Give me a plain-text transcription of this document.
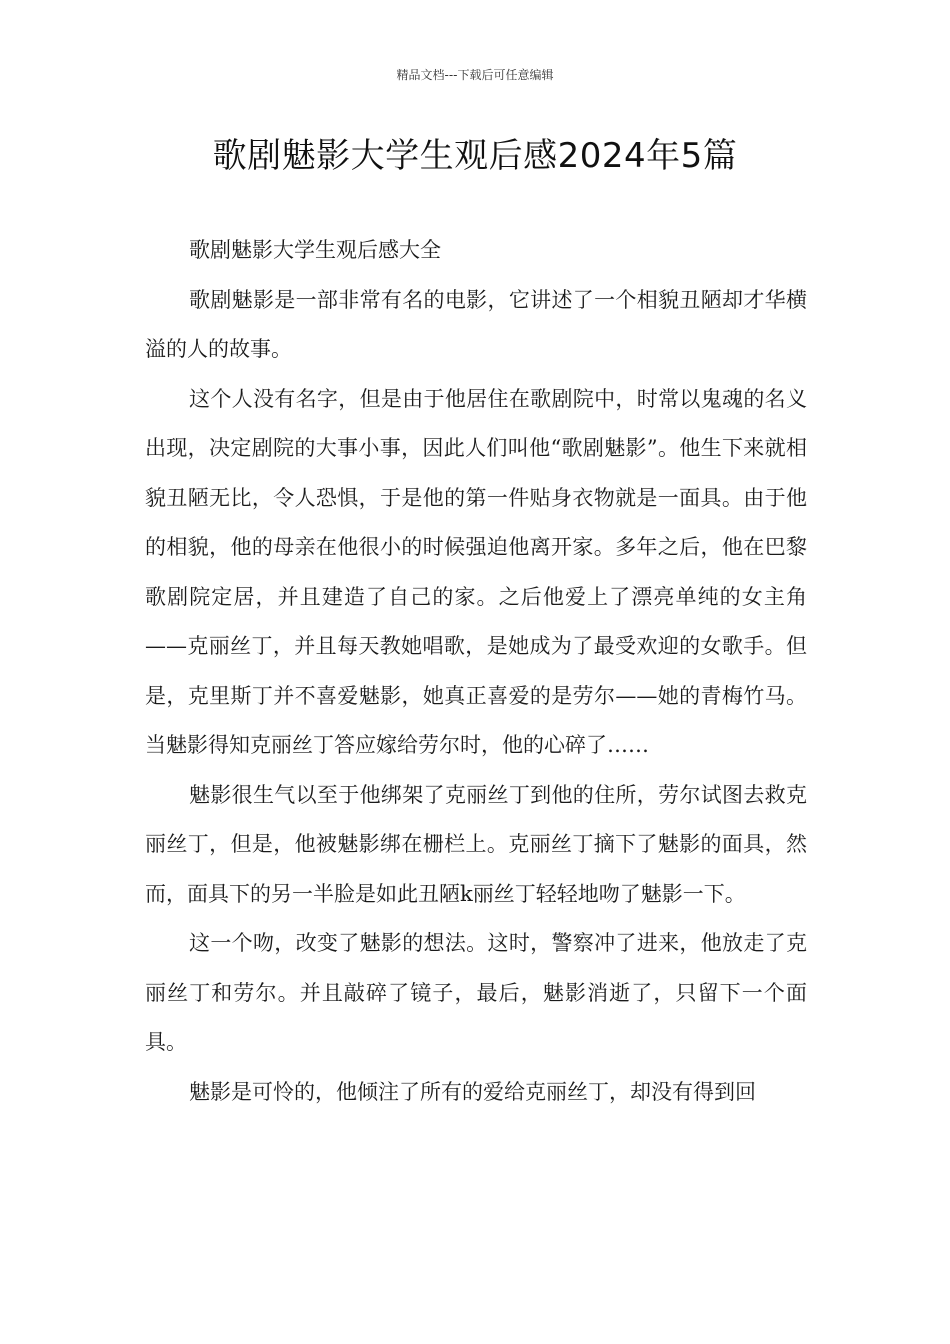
精品文档---下载后可任意编辑
歌剧魅影大学生观后感2024年5篇

歌剧魅影大学生观后感大全

歌剧魅影是一部非常有名的电影，它讲述了一个相貌丑陋却才华横溢的人的故事。

这个人没有名字，但是由于他居住在歌剧院中，时常以鬼魂的名义出现，决定剧院的大事小事，因此人们叫他“歌剧魅影”。他生下来就相貌丑陋无比，令人恐惧，于是他的第一件贴身衣物就是一面具。由于他的相貌，他的母亲在他很小的时候强迫他离开家。多年之后，他在巴黎歌剧院定居，并且建造了自己的家。之后他爱上了漂亮单纯的女主角——克丽丝丁，并且每天教她唱歌，是她成为了最受欢迎的女歌手。但是，克里斯丁并不喜爱魅影，她真正喜爱的是劳尔——她的青梅竹马。当魅影得知克丽丝丁答应嫁给劳尔时，他的心碎了……

魅影很生气以至于他绑架了克丽丝丁到他的住所，劳尔试图去救克丽丝丁，但是，他被魅影绑在栅栏上。克丽丝丁摘下了魅影的面具，然而，面具下的另一半脸是如此丑陋k丽丝丁轻轻地吻了魅影一下。

这一个吻，改变了魅影的想法。这时，警察冲了进来，他放走了克丽丝丁和劳尔。并且敲碎了镜子，最后，魅影消逝了，只留下一个面具。

魅影是可怜的，他倾注了所有的爱给克丽丝丁，却没有得到回
